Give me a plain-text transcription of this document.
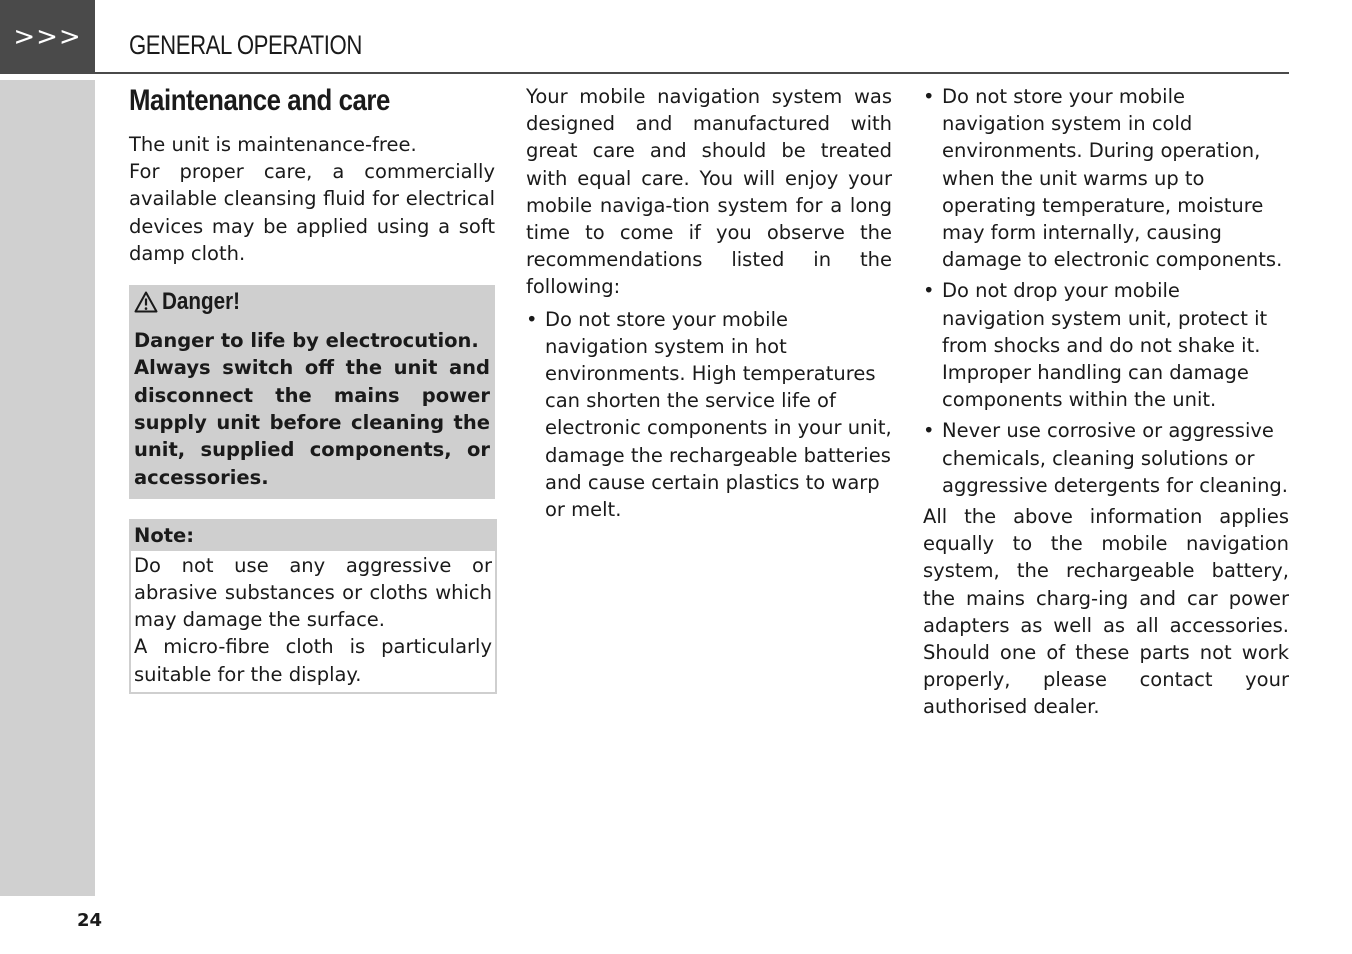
>>> GENERAL OPERATION
Maintenance and care

The unit is maintenance-free.

For proper care, a commercially available cleansing fluid for electrical devices may be applied using a soft damp cloth.

Danger!

Danger to life by electrocution.

Always switch off the unit and disconnect the mains power supply unit before cleaning the unit, supplied components, or accessories.

Note:

Do not use any aggressive or abrasive substances or cloths which may damage the surface.

A micro-fibre cloth is particularly suitable for the display.

Your mobile navigation system was designed and manufactured with great care and should be treated with equal care. You will enjoy your mobile naviga-tion system for a long time to come if you observe the recommendations listed in the following:

• Do not store your mobile navigation system in hot environments. High temperatures can shorten the service life of electronic components in your unit, damage the rechargeable batteries and cause certain plastics to warp or melt.
• Do not store your mobile navigation system in cold environments. During operation, when the unit warms up to operating temperature, moisture may form internally, causing damage to electronic components.
• Do not drop your mobile navigation system unit, protect it from shocks and do not shake it. Improper handling can damage components within the unit.
• Never use corrosive or aggressive chemicals, cleaning solutions or aggressive detergents for cleaning.

All the above information applies equally to the mobile navigation system, the rechargeable battery, the mains charg-ing and car power adapters as well as all accessories. Should one of these parts not work properly, please contact your authorised dealer.

24
